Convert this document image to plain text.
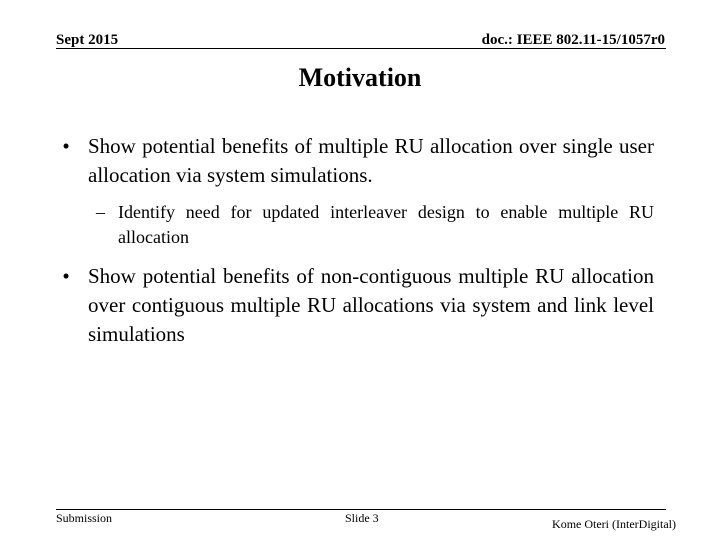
Sept 2015	doc.: IEEE 802.11-15/1057r0
Motivation
• Show potential benefits of multiple RU allocation over single user allocation via system simulations.
– Identify need for updated interleaver design to enable multiple RU allocation
• Show potential benefits of non-contiguous multiple RU allocation over contiguous multiple RU allocations via system and link level simulations
Submission	Slide 3	Kome Oteri (InterDigital)
